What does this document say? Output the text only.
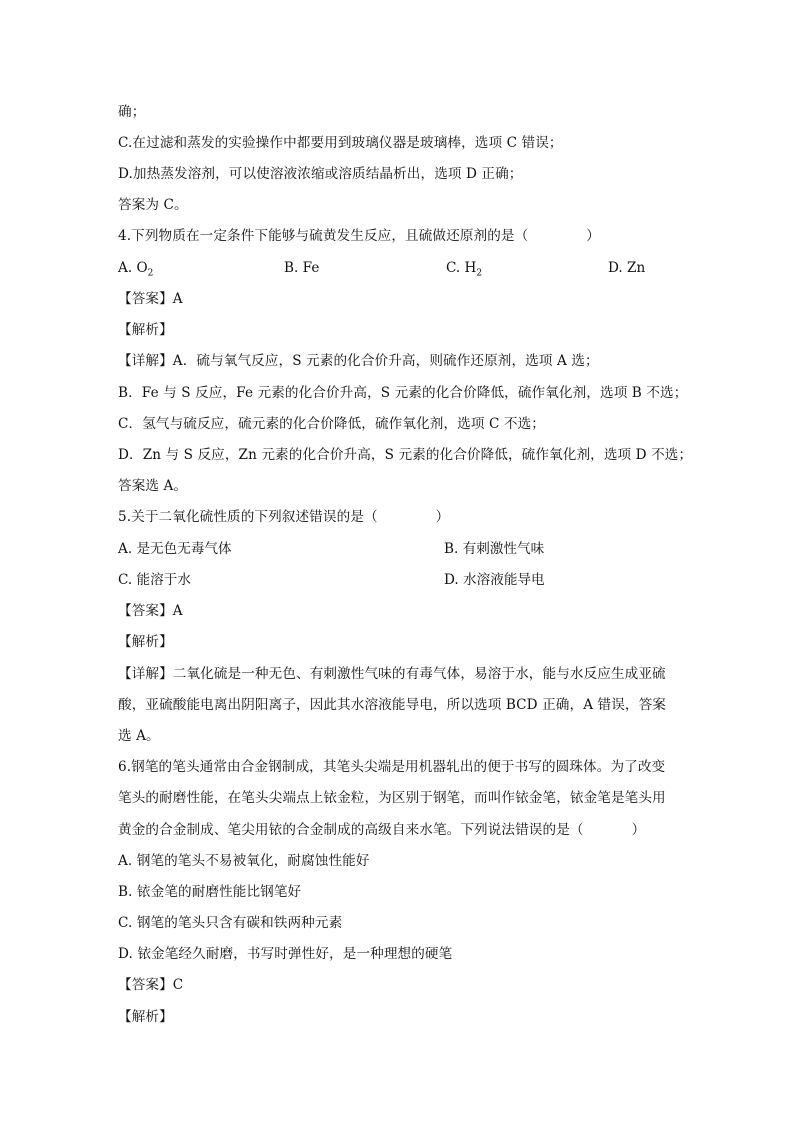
确；
C.在过滤和蒸发的实验操作中都要用到玻璃仪器是玻璃棒，选项 C 错误；
D.加热蒸发溶剂，可以使溶液浓缩或溶质结晶析出，选项 D 正确；
答案为 C。
4.下列物质在一定条件下能够与硫黄发生反应，且硫做还原剂的是（	）
A. $O_2$	B. Fe	C. $H_2$	D. Zn
【答案】A
【解析】
【详解】A．硫与氧气反应，S 元素的化合价升高，则硫作还原剂，选项 A 选；
B．Fe 与 S 反应，Fe 元素的化合价升高，S 元素的化合价降低，硫作氧化剂，选项 B 不选；
C．氢气与硫反应，硫元素的化合价降低，硫作氧化剂，选项 C 不选；
D．Zn 与 S 反应，Zn 元素的化合价升高，S 元素的化合价降低，硫作氧化剂，选项 D 不选；
答案选 A。
5.关于二氧化硫性质的下列叙述错误的是（	）
A. 是无色无毒气体	B. 有刺激性气味
C. 能溶于水	D. 水溶液能导电
【答案】A
【解析】
【详解】二氧化硫是一种无色、有刺激性气味的有毒气体，易溶于水，能与水反应生成亚硫
酸，亚硫酸能电离出阴阳离子，因此其水溶液能导电，所以选项 BCD 正确，A 错误，答案
选 A。
6.钢笔的笔头通常由合金钢制成，其笔头尖端是用机器轧出的便于书写的圆珠体。为了改变
笔头的耐磨性能，在笔头尖端点上铱金粒，为区别于钢笔，而叫作铱金笔，铱金笔是笔头用
黄金的合金制成、笔尖用铱的合金制成的高级自来水笔。下列说法错误的是（	）
A. 钢笔的笔头不易被氧化，耐腐蚀性能好
B. 铱金笔的耐磨性能比钢笔好
C. 钢笔的笔头只含有碳和铁两种元素
D. 铱金笔经久耐磨，书写时弹性好，是一种理想的硬笔
【答案】C
【解析】
